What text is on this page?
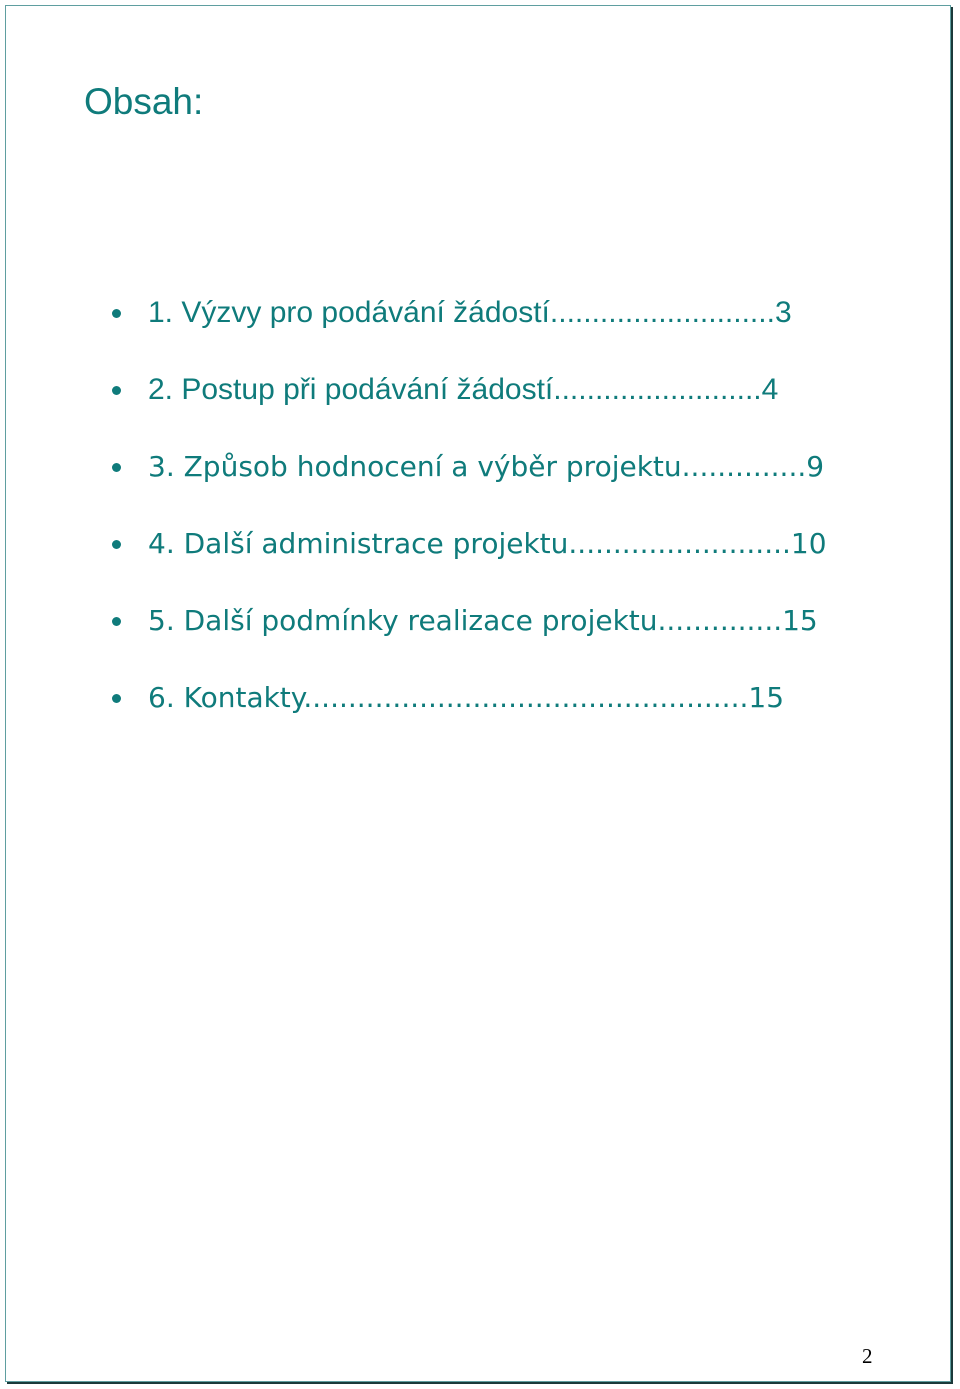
Obsah:
1. Výzvy pro podávání žádostí...........................3
2. Postup při podávání žádostí.........................4
3. Způsob hodnocení a výběr projektu..............9
4. Další administrace projektu.........................10
5. Další podmínky realizace projektu..............15
6. Kontakty..................................................15
2
